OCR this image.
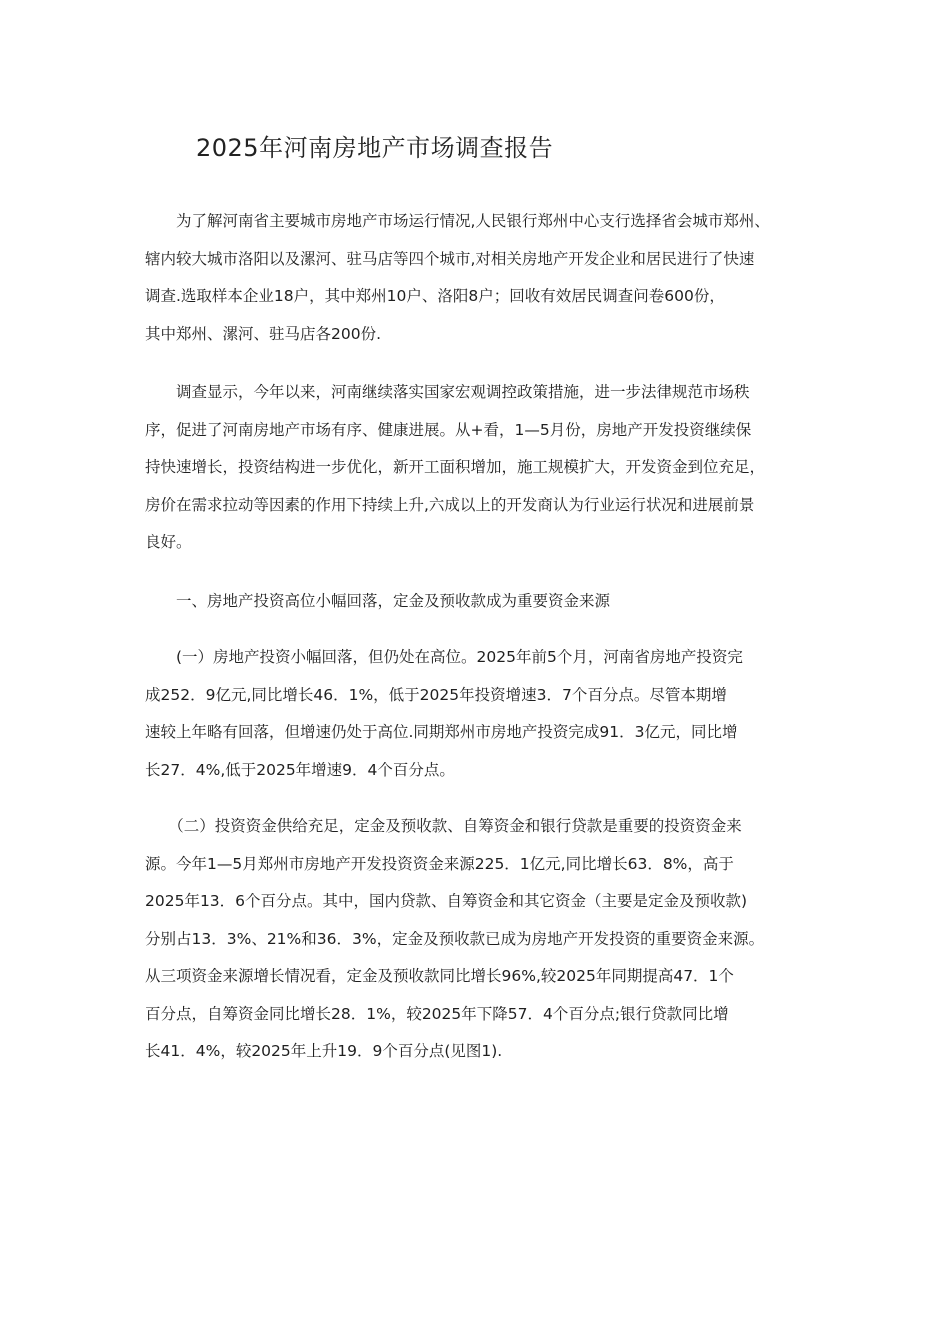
2025年河南房地产市场调查报告
　　为了解河南省主要城市房地产市场运行情况,人民银行郑州中心支行选择省会城市郑州、
辖内较大城市洛阳以及漯河、驻马店等四个城市,对相关房地产开发企业和居民进行了快速
调查.选取样本企业18户，其中郑州10户、洛阳8户；回收有效居民调查问卷600份，
其中郑州、漯河、驻马店各200份.
　　调查显示，今年以来，河南继续落实国家宏观调控政策措施，进一步法律规范市场秩
序，促进了河南房地产市场有序、健康进展。从+看，1—5月份，房地产开发投资继续保
持快速增长，投资结构进一步优化，新开工面积增加，施工规模扩大，开发资金到位充足，
房价在需求拉动等因素的作用下持续上升,六成以上的开发商认为行业运行状况和进展前景
良好。
　　一、房地产投资高位小幅回落，定金及预收款成为重要资金来源
　　(一）房地产投资小幅回落，但仍处在高位。2025年前5个月，河南省房地产投资完
成252．9亿元,同比增长46．1%，低于2025年投资增速3．7个百分点。尽管本期增
速较上年略有回落，但增速仍处于高位.同期郑州市房地产投资完成91．3亿元，同比增
长27．4%,低于2025年增速9．4个百分点。
　　（二）投资资金供给充足，定金及预收款、自筹资金和银行贷款是重要的投资资金来
源。今年1—5月郑州市房地产开发投资资金来源225．1亿元,同比增长63．8%，高于
2025年13．6个百分点。其中，国内贷款、自筹资金和其它资金（主要是定金及预收款)
分别占13．3%、21%和36．3%，定金及预收款已成为房地产开发投资的重要资金来源。
从三项资金来源增长情况看，定金及预收款同比增长96%,较2025年同期提高47．1个
百分点，自筹资金同比增长28．1%，较2025年下降57．4个百分点;银行贷款同比增
长41．4%，较2025年上升19．9个百分点(见图1).
